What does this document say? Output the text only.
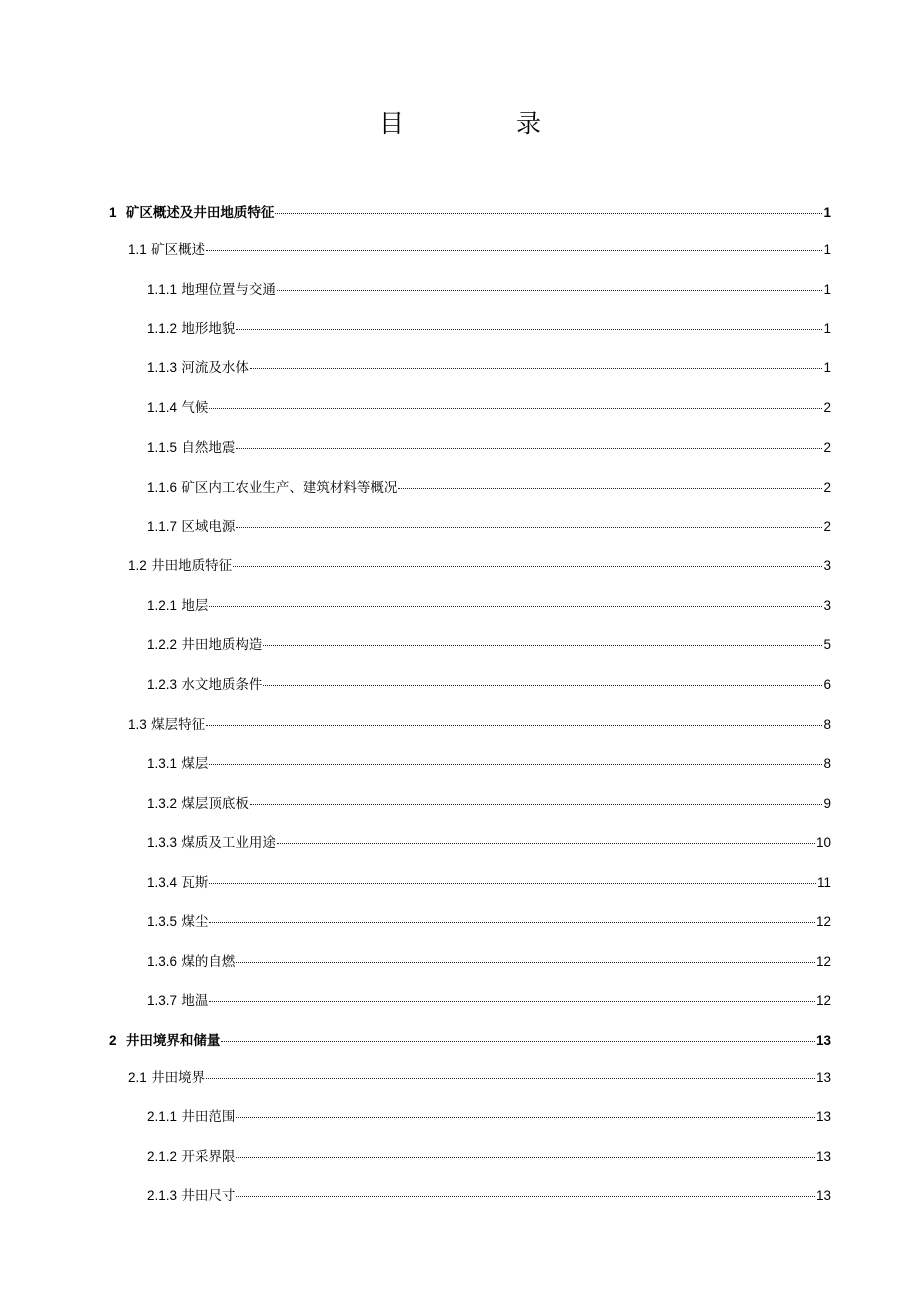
目 录
1 矿区概述及井田地质特征	1
1.1 矿区概述	1
1.1.1 地理位置与交通	1
1.1.2 地形地貌	1
1.1.3 河流及水体	1
1.1.4 气候	2
1.1.5 自然地震	2
1.1.6 矿区内工农业生产、建筑材料等概况	2
1.1.7 区域电源	2
1.2 井田地质特征	3
1.2.1 地层	3
1.2.2 井田地质构造	5
1.2.3 水文地质条件	6
1.3 煤层特征	8
1.3.1 煤层	8
1.3.2 煤层顶底板	9
1.3.3 煤质及工业用途	10
1.3.4 瓦斯	11
1.3.5 煤尘	12
1.3.6 煤的自燃	12
1.3.7 地温	12
2 井田境界和储量	13
2.1 井田境界	13
2.1.1 井田范围	13
2.1.2 开采界限	13
2.1.3 井田尺寸	13
